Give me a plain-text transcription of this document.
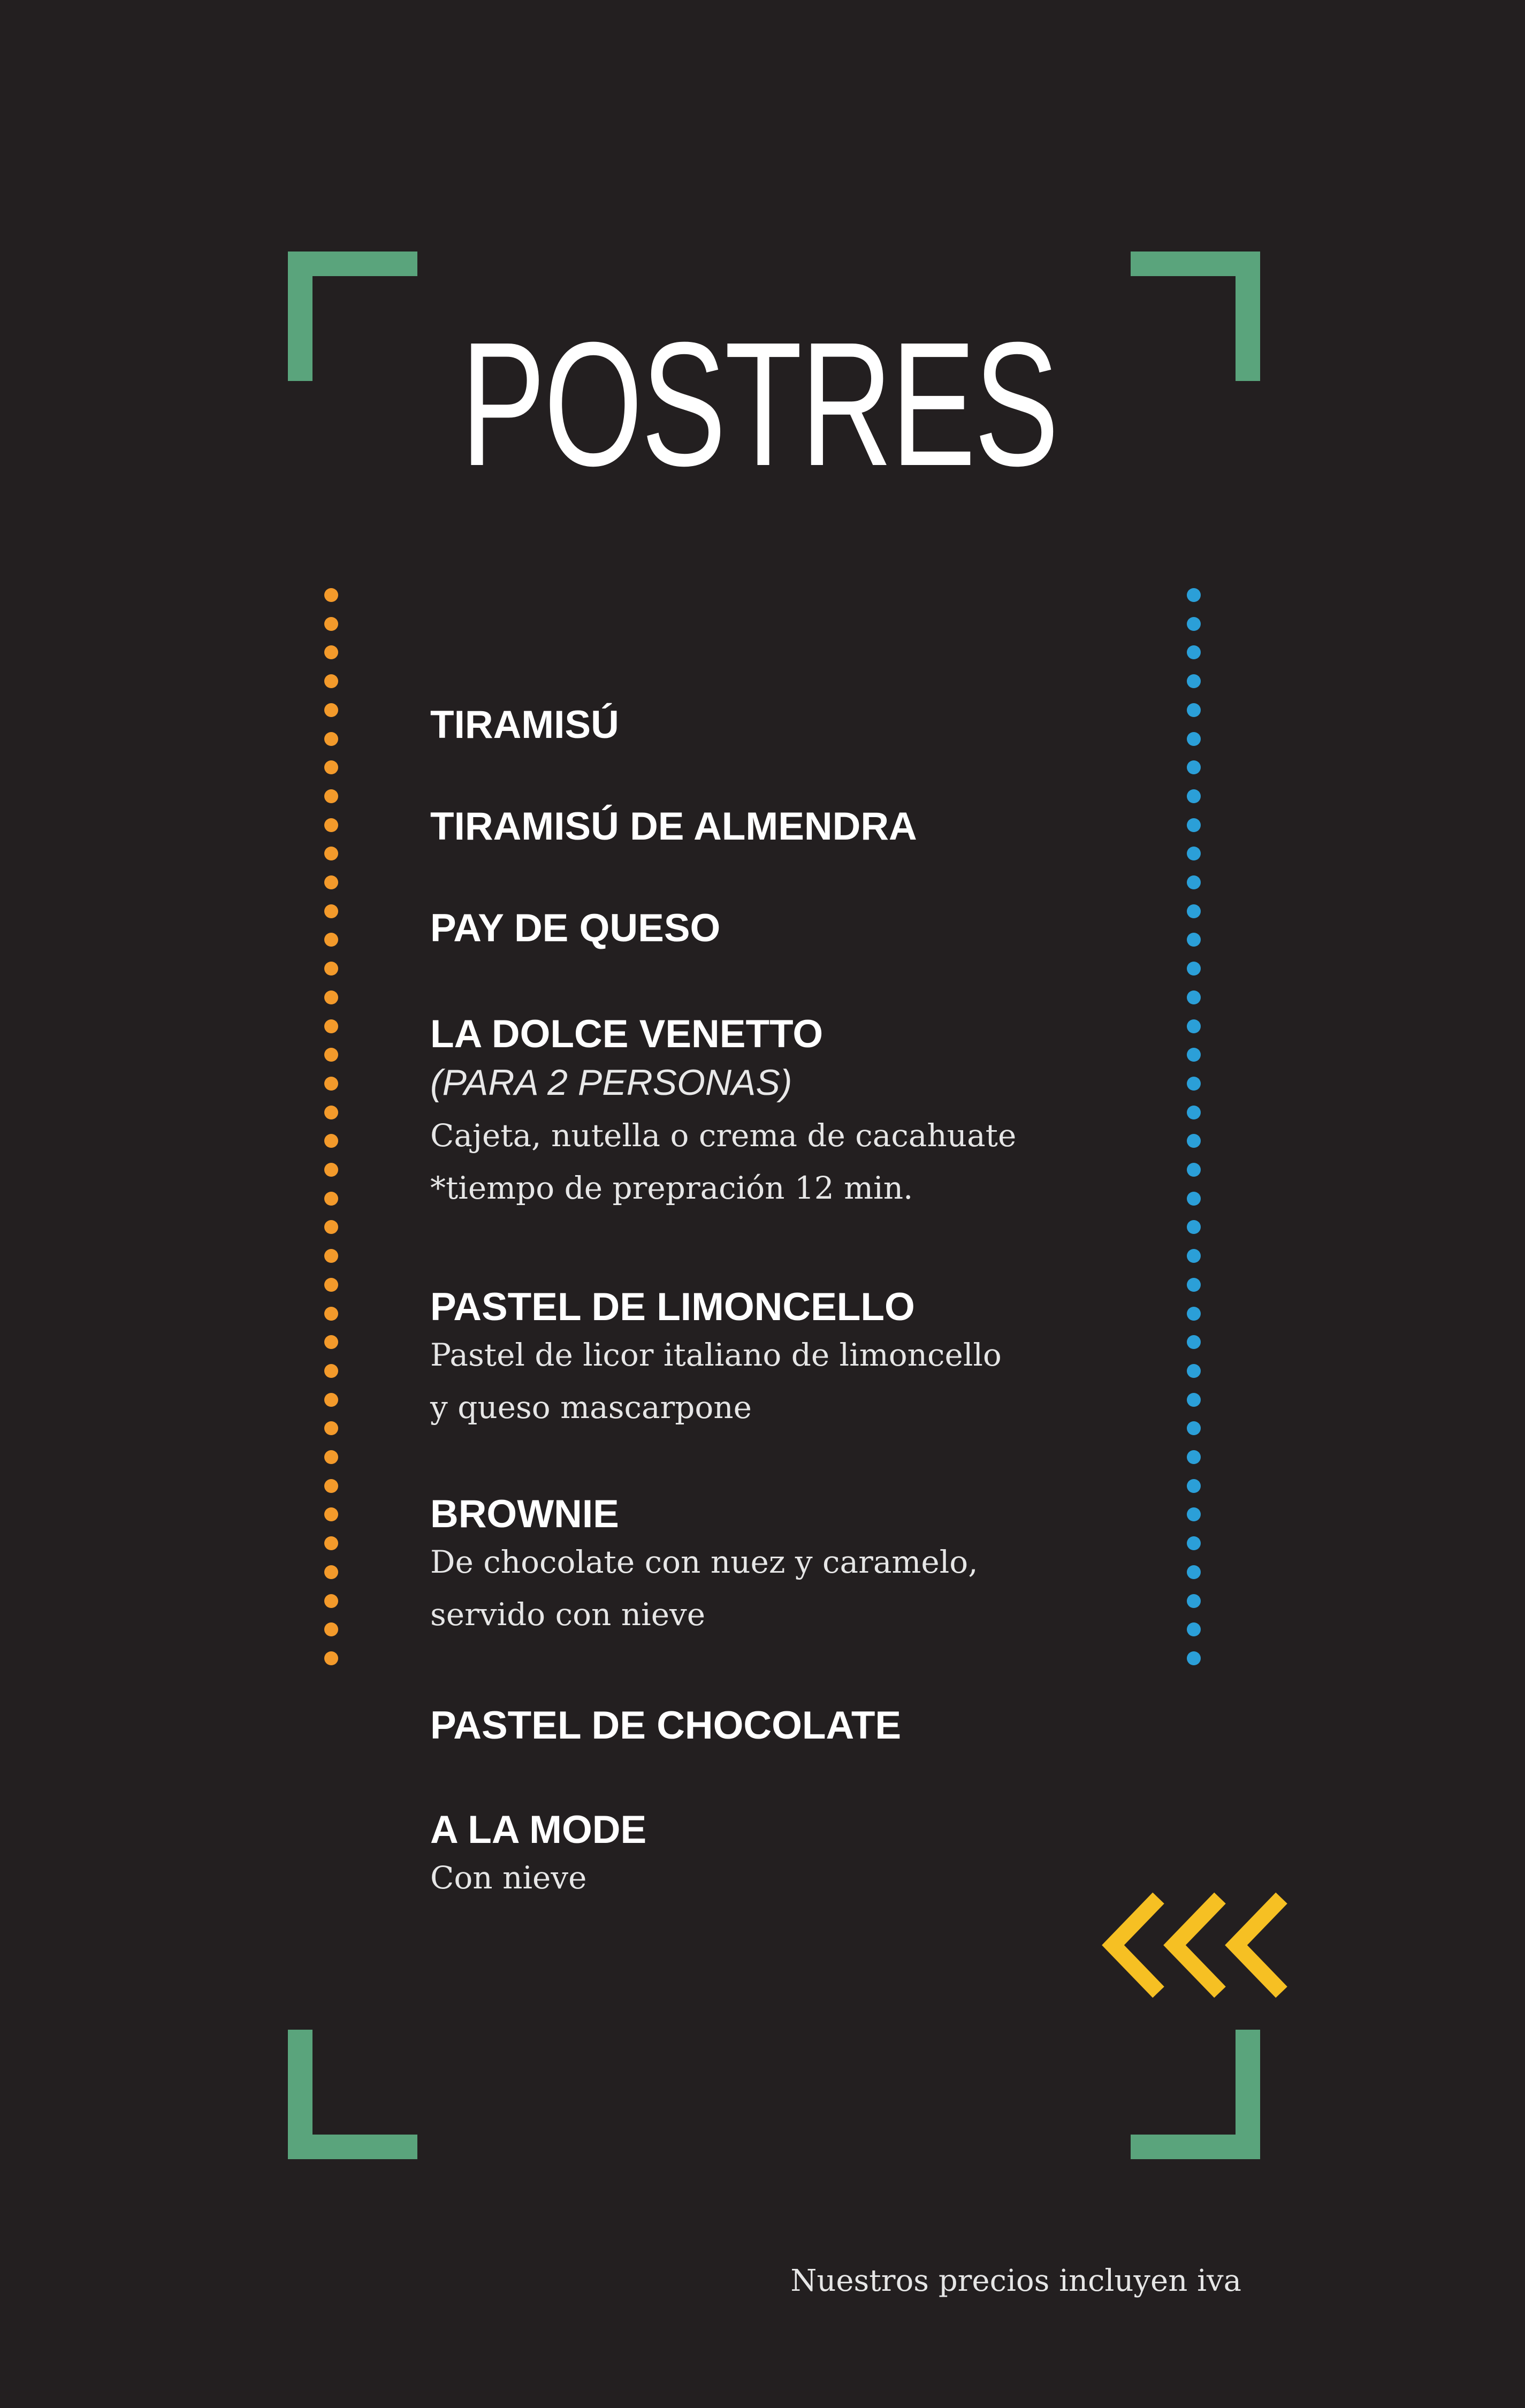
POSTRES
TIRAMISÚ
TIRAMISÚ DE ALMENDRA
PAY DE QUESO
LA DOLCE VENETTO
(PARA 2 PERSONAS)
Cajeta, nutella o crema de cacahuate
*tiempo de prepración 12 min.
PASTEL DE LIMONCELLO
Pastel de licor italiano de limoncello
y queso mascarpone
BROWNIE
De chocolate con nuez y caramelo,
servido con nieve
PASTEL DE CHOCOLATE
A LA MODE
Con nieve
Nuestros precios incluyen iva
